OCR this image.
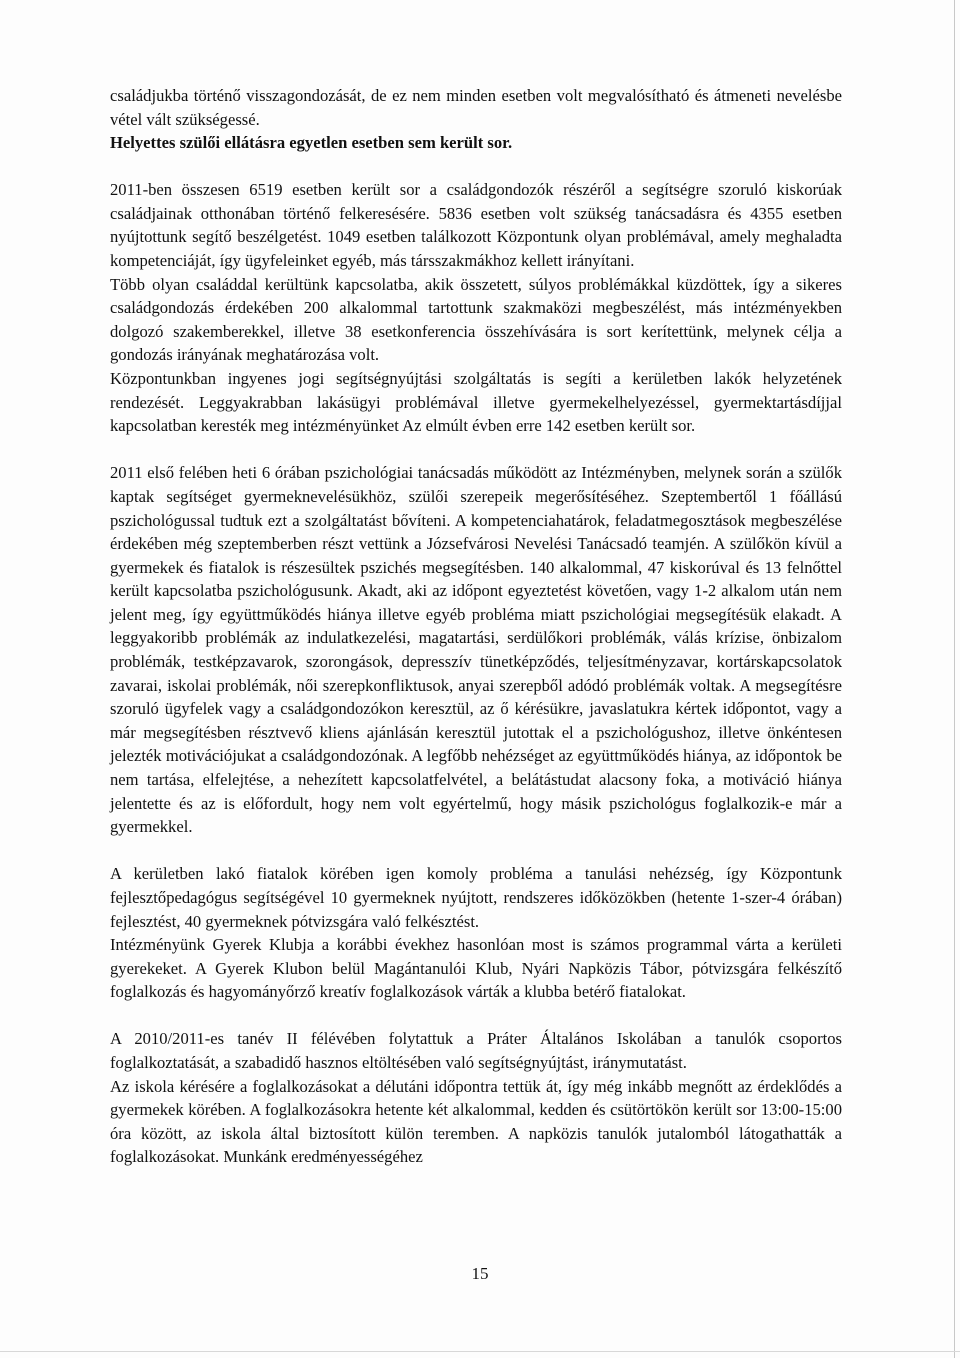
családjukba történő visszagondozását, de ez nem minden esetben volt megvalósítható és átmeneti nevelésbe vétel vált szükségessé.

Helyettes szülői ellátásra egyetlen esetben sem került sor.

2011-ben összesen 6519 esetben került sor a családgondozók részéről a segítségre szoruló kiskorúak családjainak otthonában történő felkeresésére. 5836 esetben volt szükség tanácsadásra és 4355 esetben nyújtottunk segítő beszélgetést. 1049 esetben találkozott Központunk olyan problémával, amely meghaladta kompetenciáját, így ügyfeleinket egyéb, más társszakmákhoz kellett irányítani.

Több olyan családdal kerültünk kapcsolatba, akik összetett, súlyos problémákkal küzdöttek, így a sikeres családgondozás érdekében 200 alkalommal tartottunk szakmaközi megbeszélést, más intézményekben dolgozó szakemberekkel, illetve 38 esetkonferencia összehívására is sort kerítettünk, melynek célja a gondozás irányának meghatározása volt.

Központunkban ingyenes jogi segítségnyújtási szolgáltatás is segíti a kerületben lakók helyzetének rendezését. Leggyakrabban lakásügyi problémával illetve gyermekelhelyezéssel, gyermektartásdíjjal kapcsolatban keresték meg intézményünket Az elmúlt évben erre 142 esetben került sor.

2011 első felében heti 6 órában pszichológiai tanácsadás működött az Intézményben, melynek során a szülők kaptak segítséget gyermeknevelésükhöz, szülői szerepeik megerősítéséhez. Szeptembertől 1 főállású pszichológussal tudtuk ezt a szolgáltatást bővíteni. A kompetenciahatárok, feladatmegosztások megbeszélése érdekében még szeptemberben részt vettünk a Józsefvárosi Nevelési Tanácsadó teamjén. A szülőkön kívül a gyermekek és fiatalok is részesültek pszichés megsegítésben. 140 alkalommal, 47 kiskorúval és 13 felnőttel került kapcsolatba pszichológusunk. Akadt, aki az időpont egyeztetést követően, vagy 1-2 alkalom után nem jelent meg, így együttműködés hiánya illetve egyéb probléma miatt pszichológiai megsegítésük elakadt. A leggyakoribb problémák az indulatkezelési, magatartási, serdülőkori problémák, válás krízise, önbizalom problémák, testképzavarok, szorongások, depresszív tünetképződés, teljesítményzavar, kortárskapcsolatok zavarai, iskolai problémák, női szerepkonfliktusok, anyai szerepből adódó problémák voltak. A megsegítésre szoruló ügyfelek vagy a családgondozókon keresztül, az ő kérésükre, javaslatukra kértek időpontot, vagy a már megsegítésben résztvevő kliens ajánlásán keresztül jutottak el a pszichológushoz, illetve önkéntesen jelezték motivációjukat a családgondozónak. A legfőbb nehézséget az együttműködés hiánya, az időpontok be nem tartása, elfelejtése, a nehezített kapcsolatfelvétel, a belátástudat alacsony foka, a motiváció hiánya jelentette és az is előfordult, hogy nem volt egyértelmű, hogy másik pszichológus foglalkozik-e már a gyermekkel.

A kerületben lakó fiatalok körében igen komoly probléma a tanulási nehézség, így Központunk fejlesztőpedagógus segítségével 10 gyermeknek nyújtott, rendszeres időközökben (hetente 1-szer-4 órában) fejlesztést, 40 gyermeknek pótvizsgára való felkésztést.

Intézményünk Gyerek Klubja a korábbi évekhez hasonlóan most is számos programmal várta a kerületi gyerekeket. A Gyerek Klubon belül Magántanulói Klub, Nyári Napközis Tábor, pótvizsgára felkészítő foglalkozás és hagyományőrző kreatív foglalkozások várták a klubba betérő fiatalokat.

A 2010/2011-es tanév II félévében folytattuk a Práter Általános Iskolában a tanulók csoportos foglalkoztatását, a szabadidő hasznos eltöltésében való segítségnyújtást, iránymutatást.

Az iskola kérésére a foglalkozásokat a délutáni időpontra tettük át, így még inkább megnőtt az érdeklődés a gyermekek körében. A foglalkozásokra hetente két alkalommal, kedden és csütörtökön került sor 13:00-15:00 óra között, az iskola által biztosított külön teremben. A napközis tanulók jutalomból látogathatták a foglalkozásokat. Munkánk eredményességéhez

15
